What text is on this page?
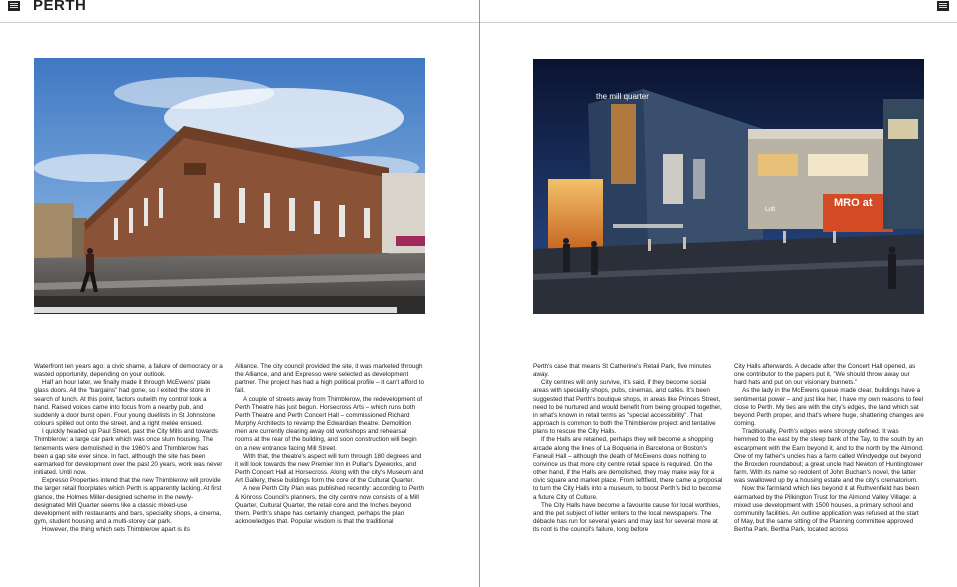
PERTH

Waterfront ten years ago: a civic shame, a failure of democracy or a wasted opportunity, depending on your outlook.

Half an hour later, we finally made it through McEwens' plate glass doors. All the "bargains" had gone, so I exited the store in search of lunch. At this point, factors outwith my control took a hand. Raised voices came into focus from a nearby pub, and suddenly a door burst open. Four young duellists in St Johnstone colours spilled out onto the street, and a right melée ensued.

I quickly headed up Paul Street, past the City Mills and towards Thimblerow: a large car park which was once slum housing. The tenements were demolished in the 1960's and Thimblerow has been a gap site ever since. In fact, although the site has been earmarked for development over the past 20 years, work was never initiated. Until now.

Expresso Properties intend that the new Thimblerow will provide the larger retail floorplates which Perth is apparently lacking. At first glance, the Holmes Miller-designed scheme in the newly-designated Mill Quarter seems like a classic mixed-use development with restaurants and bars, speciality shops, a cinema, gym, student housing and a multi-storey car park.

However, the thing which sets Thimblerow apart is its

Alliance. The city council provided the site, it was marketed through the Alliance, and and Expresso were selected as development partner. The project has had a high political profile – it can't afford to fail.

A couple of streets away from Thimblerow, the redevelopment of Perth Theatre has just begun. Horsecross Arts – which runs both Perth Theatre and Perth Concert Hall – commissioned Richard Murphy Architects to revamp the Edwardian theatre. Demolition men are currently clearing away old workshops and rehearsal rooms at the rear of the building, and soon construction will begin on a new entrance facing Mill Street.

With that, the theatre's aspect will turn through 180 degrees and it will look towards the new Premier Inn in Pullar's Dyeworks, and Perth Concert Hall at Horsecross. Along with the city's Museum and Art Gallery, these buildings form the core of the Cultural Quarter.

A new Perth City Plan was published recently: according to Perth & Kinross Council's planners, the city centre now consists of a Mill Quarter, Cultural Quarter, the retail core and the Inches beyond them. Perth's shape has certainly changed, perhaps the plan acknowledges that. Popular wisdom is that the traditional

MRO at
Loft
the mill quarter

Perth's case that means St Catherine's Retail Park, five minutes away.

City centres will only survive, it's said, if they become social areas with speciality shops, pubs, cinemas, and cafés. It's been suggested that Perth's boutique shops, in areas like Princes Street, need to be nurtured and would benefit from being grouped together, in what's known in retail terms as "special accessibility". That approach is common to both the Thimblerow project and tentative plans to rescue the City Halls.

If the Halls are retained, perhaps they will become a shopping arcade along the lines of La Boqueria in Barcelona or Boston's Faneuil Hall – although the death of McEwens does nothing to convince us that more city centre retail space is required. On the other hand, if the Halls are demolished, they may make way for a civic square and market place. From leftfield, there came a proposal to turn the City Halls into a museum, to boost Perth's bid to become a future City of Culture.

The City Halls have become a favourite cause for local worthies, and the pet subject of letter writers to the local newspapers. The débacle has run for several years and may last for several more at its root is the council's failure, long before

City Halls afterwards. A decade after the Concert Hall opened, as one contributor to the papers put it, "We should throw away our hard hats and put on our visionary bunnets."

As the lady in the McEwens queue made clear, buildings have a sentimental power – and just like her, I have my own reasons to feel close to Perth. My ties are with the city's edges, the land which sat beyond Perth proper, and that's where huge, shattering changes are coming.

Traditionally, Perth's edges were strongly defined. It was hemmed to the east by the steep bank of the Tay, to the south by an escarpment with the Earn beyond it, and to the north by the Almond. One of my father's uncles has a farm called Windyedge out beyond the Broxden roundabout; a great uncle had Newton of Huntingtower farm. With its name so redolent of John Buchan's novel, the latter was swallowed up by a housing estate and the city's crematorium.

Now the farmland which lies beyond it at Ruthvenfield has been earmarked by the Pilkington Trust for the Almond Valley Village: a mixed use development with 1500 houses, a primary school and community facilities. An outline application was refused at the start of May, but the same sitting of the Planning committee approved Bertha Park. Bertha Park, located across
